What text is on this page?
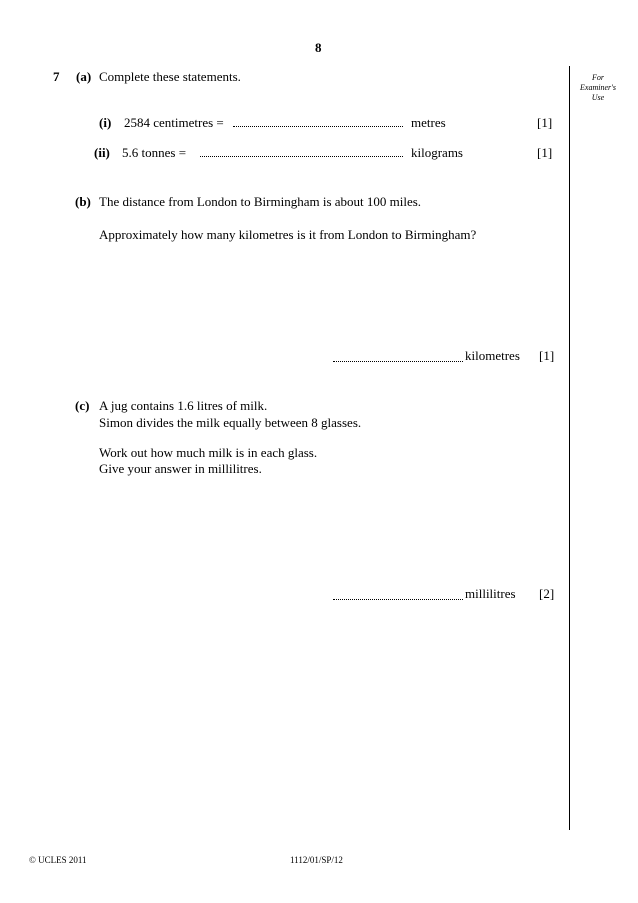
8
For
Examiner's
Use
7 (a) Complete these statements.
(i) 2584 centimetres =	metres	[1]
(ii) 5.6 tonnes =	kilograms	[1]
(b) The distance from London to Birmingham is about 100 miles.
Approximately how many kilometres is it from London to Birmingham?
kilometres [1]
(c) A jug contains 1.6 litres of milk.
Simon divides the milk equally between 8 glasses.
Work out how much milk is in each glass.
Give your answer in millilitres.
millilitres [2]
© UCLES 2011	1112/01/SP/12
